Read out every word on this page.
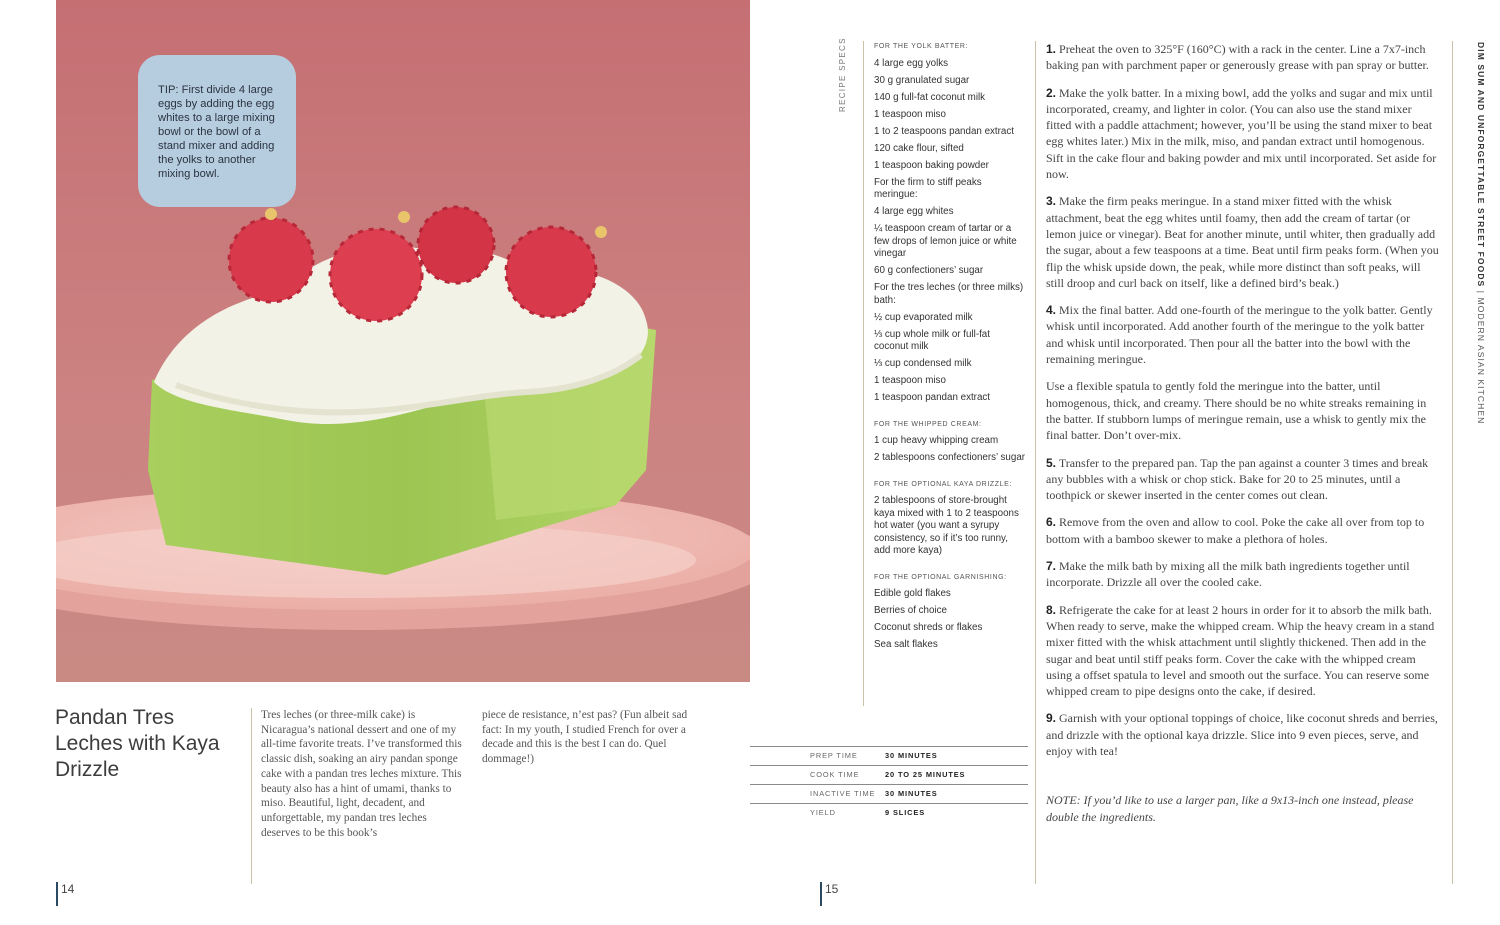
TIP: First divide 4 large eggs by adding the egg whites to a large mixing bowl or the bowl of a stand mixer and adding the yolks to another mixing bowl.
Pandan Tres Leches with Kaya Drizzle

Tres leches (or three-milk cake) is Nicaragua’s national dessert and one of my all-time favorite treats. I’ve transformed this classic dish, soaking an airy pandan sponge cake with a pandan tres leches mixture. This beauty also has a hint of umami, thanks to miso. Beautiful, light, decadent, and unforgettable, my pandan tres leches deserves to be this book’s

piece de resistance, n’est pas? (Fun albeit sad fact: In my youth, I studied French for over a decade and this is the best I can do. Quel dommage!)

14
RECIPE SPECS	FOR THE YOLK BATTER:
4 large egg yolks
30 g granulated sugar
140 g full-fat coconut milk
1 teaspoon miso
1 to 2 teaspoons pandan extract
120 cake flour, sifted
1 teaspoon baking powder
For the firm to stiff peaks meringue:
4 large egg whites
¼ teaspoon cream of tartar or a few drops of lemon juice or white vinegar
60 g confectioners’ sugar
For the tres leches (or three milks) bath:
½ cup evaporated milk
⅓ cup whole milk or full-fat coconut milk
⅓ cup condensed milk
1 teaspoon miso
1 teaspoon pandan extract
FOR THE WHIPPED CREAM:
1 cup heavy whipping cream
2 tablespoons confectioners’ sugar
FOR THE OPTIONAL KAYA DRIZZLE:
2 tablespoons of store-brought kaya mixed with 1 to 2 teaspoons hot water (you want a syrupy consistency, so if it’s too runny, add more kaya)
FOR THE OPTIONAL GARNISHING:
Edible gold flakes
Berries of choice
Coconut shreds or flakes
Sea salt flakes
PREP TIME	30 MINUTES
COOK TIME	20 TO 25 MINUTES
INACTIVE TIME 30 MINUTES
YIELD	9 SLICES

1. Preheat the oven to 325°F (160°C) with a rack in the center. Line a 7x7-inch baking pan with parchment paper or generously grease with pan spray or butter.

2. Make the yolk batter. In a mixing bowl, add the yolks and sugar and mix until incorporated, creamy, and lighter in color. (You can also use the stand mixer fitted with a paddle attachment; however, you’ll be using the stand mixer to beat egg whites later.) Mix in the milk, miso, and pandan extract until homogenous. Sift in the cake flour and baking powder and mix until incorporated. Set aside for now.

3. Make the firm peaks meringue. In a stand mixer fitted with the whisk attachment, beat the egg whites until foamy, then add the cream of tartar (or lemon juice or vinegar). Beat for another minute, until whiter, then gradually add the sugar, about a few teaspoons at a time. Beat until firm peaks form. (When you flip the whisk upside down, the peak, while more distinct than soft peaks, will still droop and curl back on itself, like a defined bird’s beak.)

4. Mix the final batter. Add one-fourth of the meringue to the yolk batter. Gently whisk until incorporated. Add another fourth of the meringue to the yolk batter and whisk until incorporated. Then pour all the batter into the bowl with the remaining meringue.

Use a flexible spatula to gently fold the meringue into the batter, until homogenous, thick, and creamy. There should be no white streaks remaining in the batter. If stubborn lumps of meringue remain, use a whisk to gently mix the final batter. Don’t over-mix.

5. Transfer to the prepared pan. Tap the pan against a counter 3 times and break any bubbles with a whisk or chop stick. Bake for 20 to 25 minutes, until a toothpick or skewer inserted in the center comes out clean.

6. Remove from the oven and allow to cool. Poke the cake all over from top to bottom with a bamboo skewer to make a plethora of holes.

7. Make the milk bath by mixing all the milk bath ingredients together until incorporate. Drizzle all over the cooled cake.

8. Refrigerate the cake for at least 2 hours in order for it to absorb the milk bath. When ready to serve, make the whipped cream. Whip the heavy cream in a stand mixer fitted with the whisk attachment until slightly thickened. Then add in the sugar and beat until stiff peaks form. Cover the cake with the whipped cream using a offset spatula to level and smooth out the surface. You can reserve some whipped cream to pipe designs onto the cake, if desired.

9. Garnish with your optional toppings of choice, like coconut shreds and berries, and drizzle with the optional kaya drizzle. Slice into 9 even pieces, serve, and enjoy with tea!

NOTE: If you’d like to use a larger pan, like a 9x13-inch one instead, please double the ingredients.

DIM SUM AND UNFORGETTABLE STREET FOODS | MODERN ASIAN KITCHEN
15
